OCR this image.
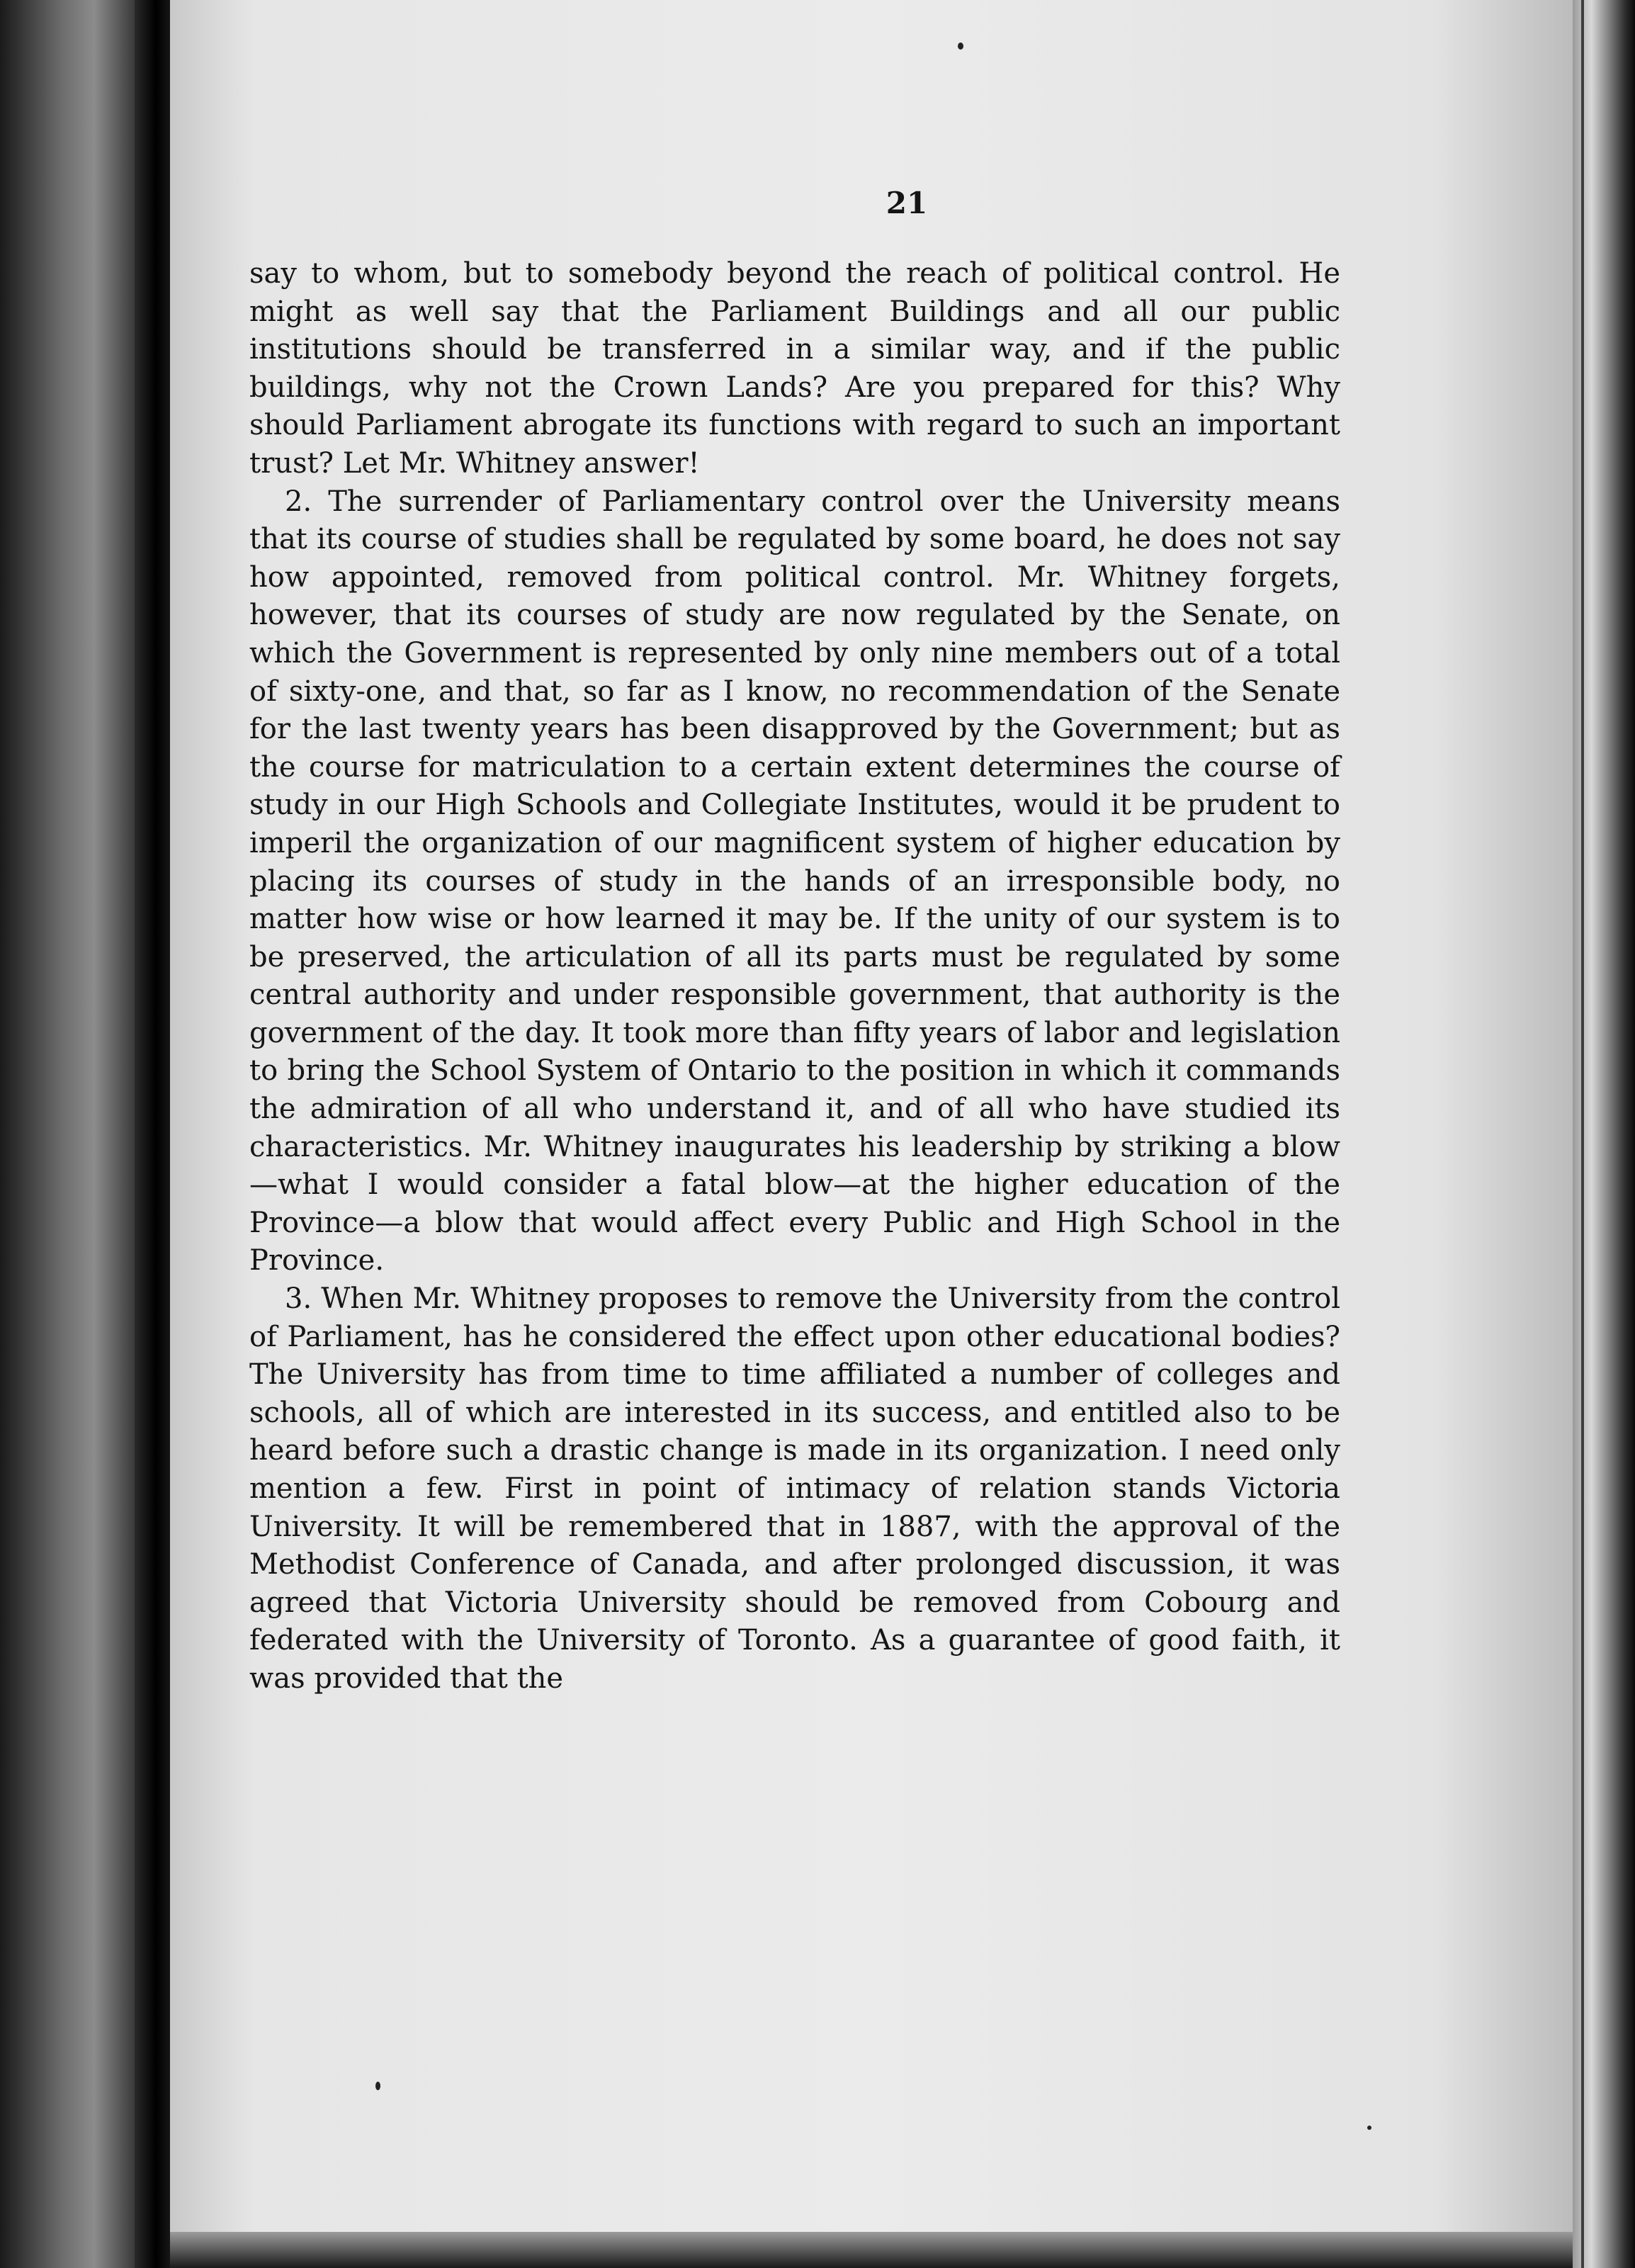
21

say to whom, but to somebody beyond the reach of political control. He might as well say that the Parliament Buildings and all our public institutions should be transferred in a similar way, and if the public buildings, why not the Crown Lands? Are you prepared for this? Why should Parliament abrogate its functions with regard to such an important trust? Let Mr. Whitney answer!

2. The surrender of Parliamentary control over the University means that its course of studies shall be regulated by some board, he does not say how appointed, removed from political control. Mr. Whitney forgets, however, that its courses of study are now regulated by the Senate, on which the Government is represented by only nine members out of a total of sixty-one, and that, so far as I know, no recommendation of the Senate for the last twenty years has been disapproved by the Government; but as the course for matriculation to a certain extent determines the course of study in our High Schools and Collegiate Institutes, would it be prudent to imperil the organization of our magnificent system of higher education by placing its courses of study in the hands of an irresponsible body, no matter how wise or how learned it may be. If the unity of our system is to be preserved, the articulation of all its parts must be regulated by some central authority and under responsible government, that authority is the government of the day. It took more than fifty years of labor and legislation to bring the School System of Ontario to the position in which it commands the admiration of all who understand it, and of all who have studied its characteristics. Mr. Whitney inaugurates his leadership by striking a blow—what I would consider a fatal blow—at the higher education of the Province—a blow that would affect every Public and High School in the Province.

3. When Mr. Whitney proposes to remove the University from the control of Parliament, has he considered the effect upon other educational bodies? The University has from time to time affiliated a number of colleges and schools, all of which are interested in its success, and entitled also to be heard before such a drastic change is made in its organization. I need only mention a few. First in point of intimacy of relation stands Victoria University. It will be remembered that in 1887, with the approval of the Methodist Conference of Canada, and after prolonged discussion, it was agreed that Victoria University should be removed from Cobourg and federated with the University of Toronto. As a guarantee of good faith, it was provided that the
